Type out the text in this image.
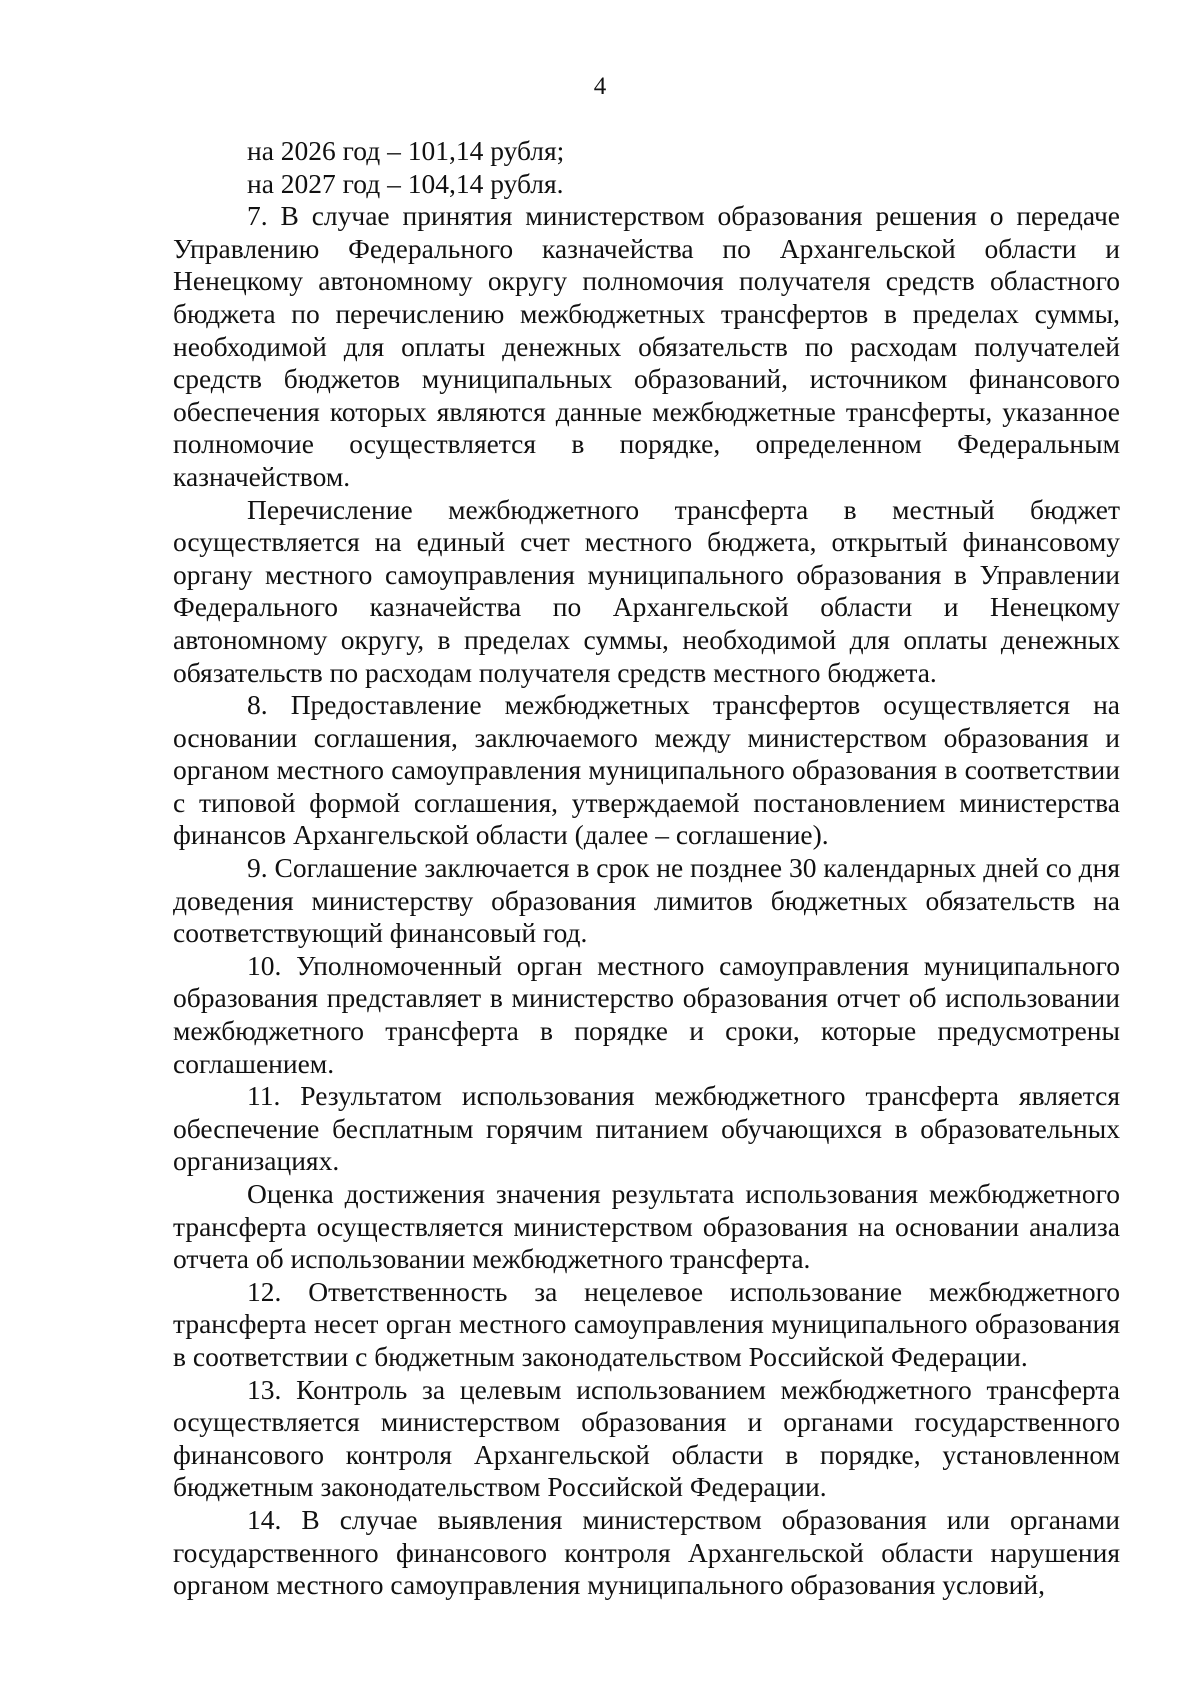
4

на 2026 год – 101,14 рубля;

на 2027 год – 104,14 рубля.

7. В случае принятия министерством образования решения о передаче Управлению Федерального казначейства по Архангельской области и Ненецкому автономному округу полномочия получателя средств областного бюджета по перечислению межбюджетных трансфертов в пределах суммы, необходимой для оплаты денежных обязательств по расходам получателей средств бюджетов муниципальных образований, источником финансового обеспечения которых являются данные межбюджетные трансферты, указанное полномочие осуществляется в порядке, определенном Федеральным казначейством.

Перечисление межбюджетного трансферта в местный бюджет осуществляется на единый счет местного бюджета, открытый финансовому органу местного самоуправления муниципального образования в Управлении Федерального казначейства по Архангельской области и Ненецкому автономному округу, в пределах суммы, необходимой для оплаты денежных обязательств по расходам получателя средств местного бюджета.

8. Предоставление межбюджетных трансфертов осуществляется на основании соглашения, заключаемого между министерством образования и органом местного самоуправления муниципального образования в соответствии с типовой формой соглашения, утверждаемой постановлением министерства финансов Архангельской области (далее – соглашение).

9. Соглашение заключается в срок не позднее 30 календарных дней со дня доведения министерству образования лимитов бюджетных обязательств на соответствующий финансовый год.

10. Уполномоченный орган местного самоуправления муниципального образования представляет в министерство образования отчет об использовании межбюджетного трансферта в порядке и сроки, которые предусмотрены соглашением.

11. Результатом использования межбюджетного трансферта является обеспечение бесплатным горячим питанием обучающихся в образовательных организациях.

Оценка достижения значения результата использования межбюджетного трансферта осуществляется министерством образования на основании анализа отчета об использовании межбюджетного трансферта.

12. Ответственность за нецелевое использование межбюджетного трансферта несет орган местного самоуправления муниципального образования в соответствии с бюджетным законодательством Российской Федерации.

13. Контроль за целевым использованием межбюджетного трансферта осуществляется министерством образования и органами государственного финансового контроля Архангельской области в порядке, установленном бюджетным законодательством Российской Федерации.

14. В случае выявления министерством образования или органами государственного финансового контроля Архангельской области нарушения органом местного самоуправления муниципального образования условий,
